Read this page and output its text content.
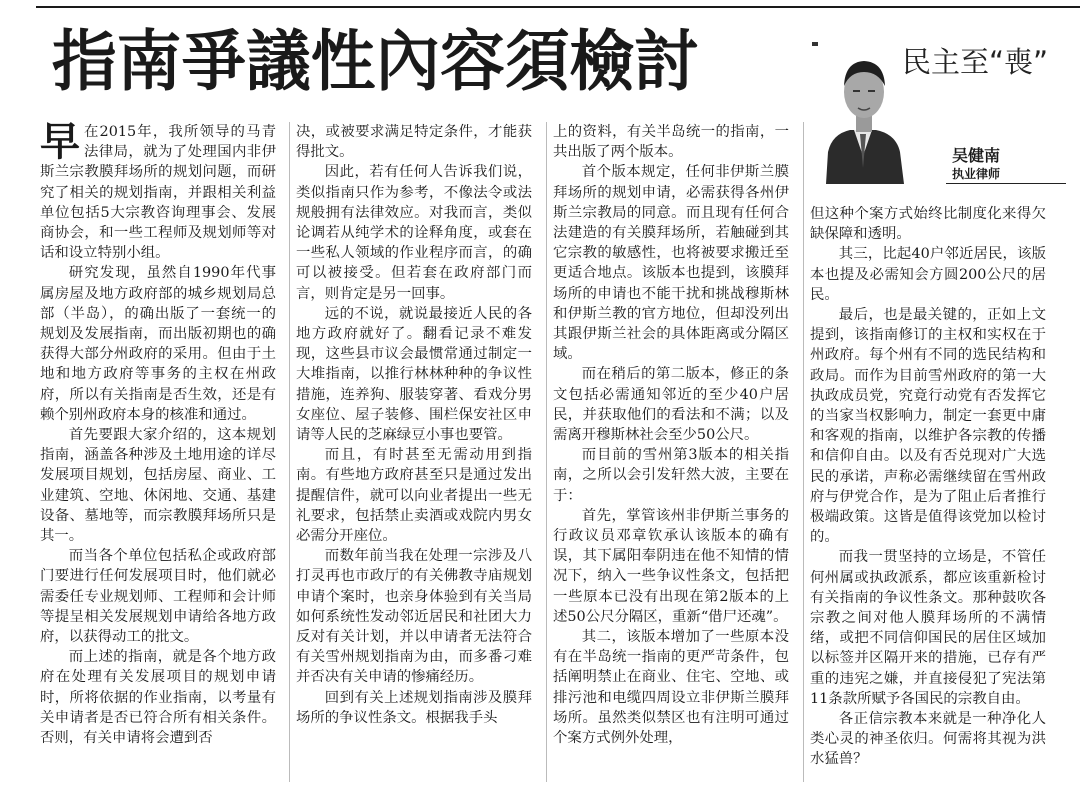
指南爭議性內容須檢討	民主至“喪”
吴健南
执业律师

早在2015年，我所领导的马青法律局，就为了处理国内非伊斯兰宗教膜拜场所的规划问题，而研究了相关的规划指南，并跟相关利益单位包括5大宗教咨询理事会、发展商协会，和一些工程师及规划师等对话和设立特别小组。

研究发现，虽然自1990年代事属房屋及地方政府部的城乡规划局总部（半岛），的确出版了一套统一的规划及发展指南，而出版初期也的确获得大部分州政府的采用。但由于土地和地方政府等事务的主权在州政府，所以有关指南是否生效，还是有赖个别州政府本身的核准和通过。

首先要跟大家介绍的，这本规划指南，涵盖各种涉及土地用途的详尽发展项目规划，包括房屋、商业、工业建筑、空地、休闲地、交通、基建设备、墓地等，而宗教膜拜场所只是其一。

而当各个单位包括私企或政府部门要进行任何发展项目时，他们就必需委任专业规划师、工程师和会计师等提呈相关发展规划申请给各地方政府，以获得动工的批文。

而上述的指南，就是各个地方政府在处理有关发展项目的规划申请时，所将依据的作业指南，以考量有关申请者是否已符合所有相关条件。否则，有关申请将会遭到否

决，或被要求满足特定条件，才能获得批文。

因此，若有任何人告诉我们说，类似指南只作为参考，不像法令或法规般拥有法律效应。对我而言，类似论调若从纯学术的诠释角度，或套在一些私人领域的作业程序而言，的确可以被接受。但若套在政府部门而言，则肯定是另一回事。

远的不说，就说最接近人民的各地方政府就好了。翻看记录不难发现，这些县市议会最惯常通过制定一大堆指南，以推行林林种种的争议性措施，连养狗、服装穿著、看戏分男女座位、屋子装修、围栏保安社区申请等人民的芝麻绿豆小事也要管。

而且，有时甚至无需动用到指南。有些地方政府甚至只是通过发出提醒信件，就可以向业者提出一些无礼要求，包括禁止卖酒或戏院内男女必需分开座位。

而数年前当我在处理一宗涉及八打灵再也市政厅的有关佛教寺庙规划申请个案时，也亲身体验到有关当局如何系统性发动邻近居民和社团大力反对有关计划，并以申请者无法符合有关雪州规划指南为由，而多番刁难并否决有关申请的惨痛经历。

回到有关上述规划指南涉及膜拜场所的争议性条文。根据我手头

上的资料，有关半岛统一的指南，一共出版了两个版本。

首个版本规定，任何非伊斯兰膜拜场所的规划申请，必需获得各州伊斯兰宗教局的同意。而且现有任何合法建造的有关膜拜场所，若触碰到其它宗教的敏感性，也将被要求搬迁至更适合地点。该版本也提到，该膜拜场所的申请也不能干扰和挑战穆斯林和伊斯兰教的官方地位，但却没列出其跟伊斯兰社会的具体距离或分隔区域。

而在稍后的第二版本，修正的条文包括必需通知邻近的至少40户居民，并获取他们的看法和不满；以及需离开穆斯林社会至少50公尺。

而目前的雪州第3版本的相关指南，之所以会引发轩然大波，主要在于：

首先，掌管该州非伊斯兰事务的行政议员邓章钦承认该版本的确有误，其下属阳奉阴违在他不知情的情况下，纳入一些争议性条文，包括把一些原本已没有出现在第2版本的上述50公尺分隔区，重新“借尸还魂”。

其二，该版本增加了一些原本没有在半岛统一指南的更严苛条件，包括阐明禁止在商业、住宅、空地、或排污池和电缆四周设立非伊斯兰膜拜场所。虽然类似禁区也有注明可通过个案方式例外处理，

但这种个案方式始终比制度化来得欠缺保障和透明。

其三，比起40户邻近居民，该版本也提及必需知会方圆200公尺的居民。

最后，也是最关键的，正如上文提到，该指南修订的主权和实权在于州政府。每个州有不同的选民结构和政局。而作为目前雪州政府的第一大执政成员党，究竟行动党有否发挥它的当家当权影响力，制定一套更中庸和客观的指南，以维护各宗教的传播和信仰自由。以及有否兑现对广大选民的承诺，声称必需继续留在雪州政府与伊党合作，是为了阻止后者推行极端政策。这皆是值得该党加以检讨的。

而我一贯坚持的立场是，不管任何州属或执政派系，都应该重新检讨有关指南的争议性条文。那种鼓吹各宗教之间对他人膜拜场所的不满情绪，或把不同信仰国民的居住区域加以标签并区隔开来的措施，已存有严重的违宪之嫌，并直接侵犯了宪法第11条款所赋予各国民的宗教自由。

各正信宗教本来就是一种净化人类心灵的神圣依归。何需将其视为洪水猛兽？
